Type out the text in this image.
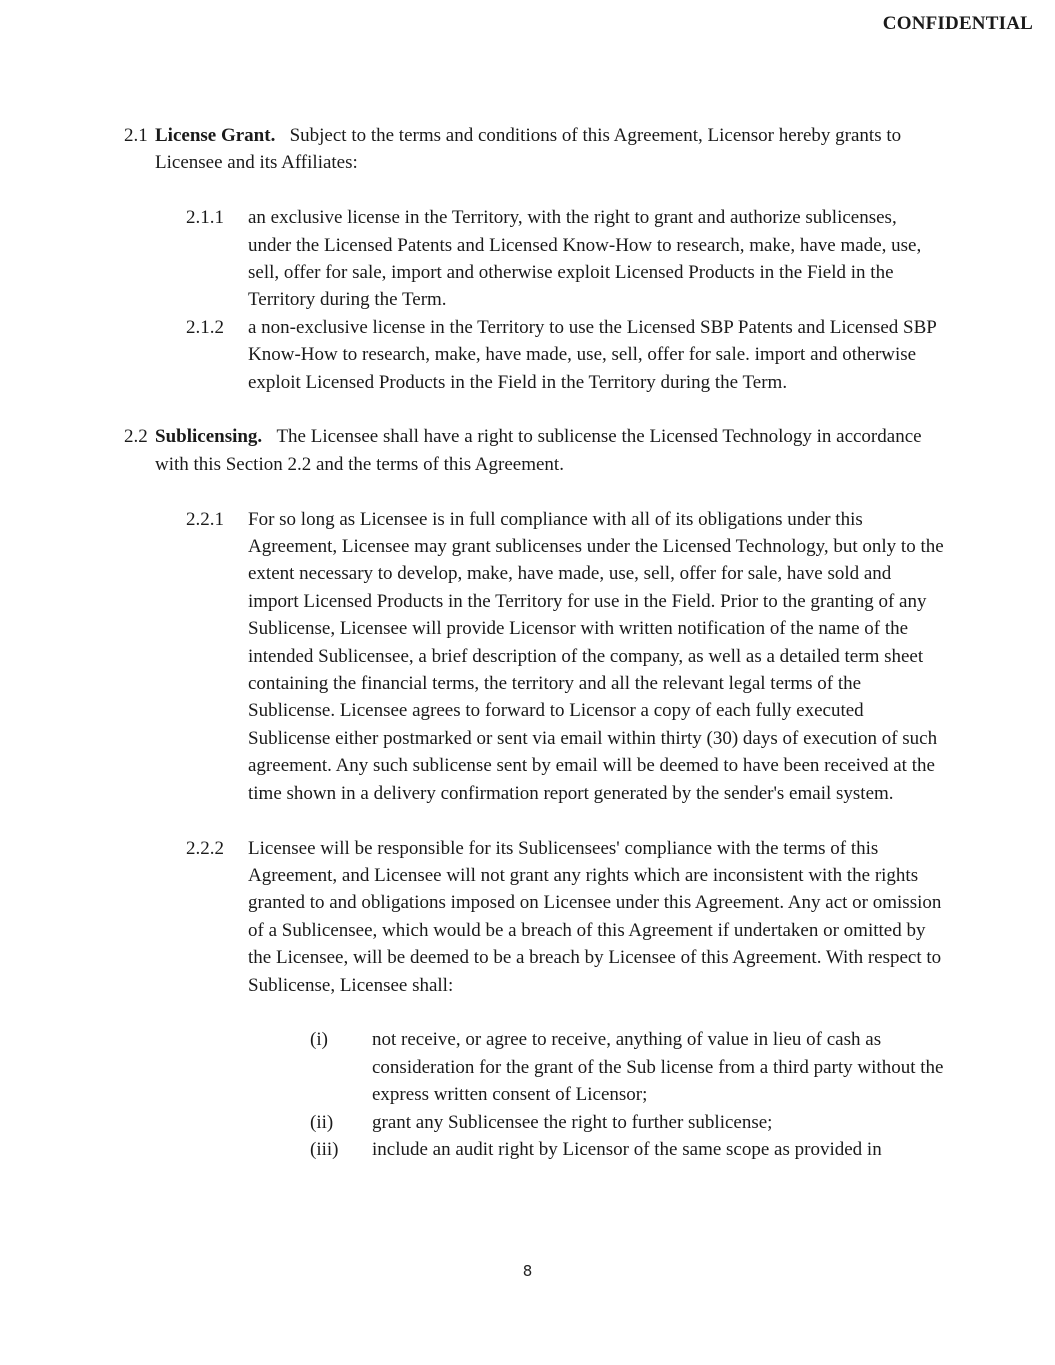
CONFIDENTIAL
2.1 License Grant. Subject to the terms and conditions of this Agreement, Licensor hereby grants to Licensee and its Affiliates:
2.1.1 an exclusive license in the Territory, with the right to grant and authorize sublicenses, under the Licensed Patents and Licensed Know-How to research, make, have made, use, sell, offer for sale, import and otherwise exploit Licensed Products in the Field in the Territory during the Term.
2.1.2 a non-exclusive license in the Territory to use the Licensed SBP Patents and Licensed SBP Know-How to research, make, have made, use, sell, offer for sale. import and otherwise exploit Licensed Products in the Field in the Territory during the Term.
2.2 Sublicensing. The Licensee shall have a right to sublicense the Licensed Technology in accordance with this Section 2.2 and the terms of this Agreement.
2.2.1 For so long as Licensee is in full compliance with all of its obligations under this Agreement, Licensee may grant sublicenses under the Licensed Technology, but only to the extent necessary to develop, make, have made, use, sell, offer for sale, have sold and import Licensed Products in the Territory for use in the Field. Prior to the granting of any Sublicense, Licensee will provide Licensor with written notification of the name of the intended Sublicensee, a brief description of the company, as well as a detailed term sheet containing the financial terms, the territory and all the relevant legal terms of the Sublicense. Licensee agrees to forward to Licensor a copy of each fully executed Sublicense either postmarked or sent via email within thirty (30) days of execution of such agreement. Any such sublicense sent by email will be deemed to have been received at the time shown in a delivery confirmation report generated by the sender's email system.
2.2.2 Licensee will be responsible for its Sublicensees' compliance with the terms of this Agreement, and Licensee will not grant any rights which are inconsistent with the rights granted to and obligations imposed on Licensee under this Agreement. Any act or omission of a Sublicensee, which would be a breach of this Agreement if undertaken or omitted by the Licensee, will be deemed to be a breach by Licensee of this Agreement. With respect to Sublicense, Licensee shall:
(i) not receive, or agree to receive, anything of value in lieu of cash as consideration for the grant of the Sub license from a third party without the express written consent of Licensor;
(ii) grant any Sublicensee the right to further sublicense;
(iii) include an audit right by Licensor of the same scope as provided in
8
